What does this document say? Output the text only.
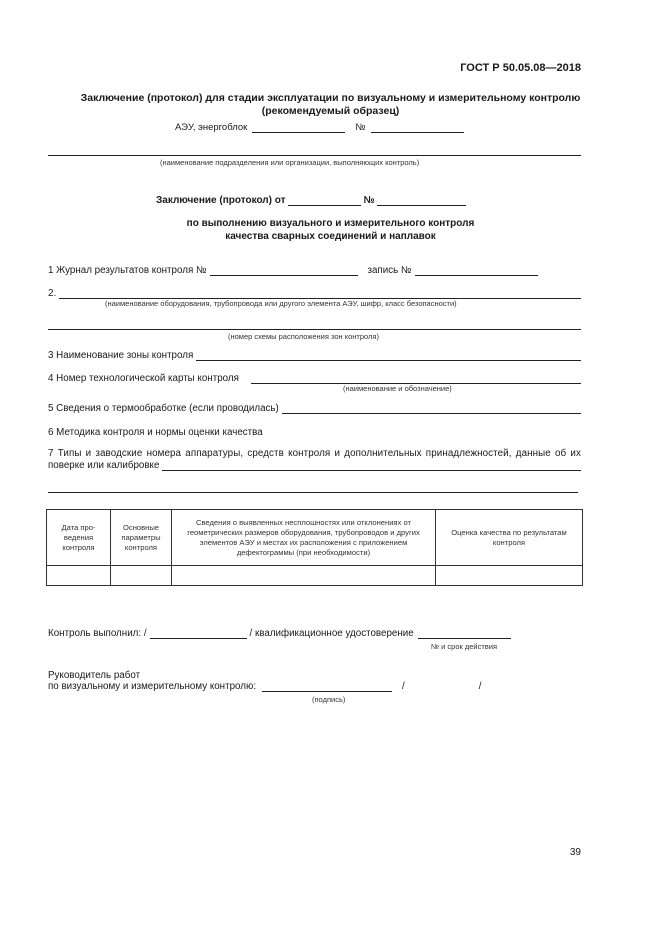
ГОСТ Р 50.05.08—2018
Заключение (протокол) для стадии эксплуатации по визуальному и измерительному контролю
(рекомендуемый образец)
АЭУ, энергоблок	№
(наименование подразделения или организации, выполняющих контроль)
Заключение (протокол) от	№
по выполнению визуального и измерительного контроля
качества сварных соединений и наплавок
1 Журнал результатов контроля №	запись №
2.
(наименование оборудования, трубопровода или другого элемента АЭУ, шифр, класс безопасности)
(номер схемы расположения зон контроля)
3 Наименование зоны контроля
4 Номер технологической карты контроля
(наименование и обозначение)
5 Сведения о термообработке (если проводилась)
6 Методика контроля и нормы оценки качества
7 Типы и заводские номера аппаратуры, средств контроля и дополнительных принадлежностей, данные об их
поверке или калибровке
Дата проведения контроля	Основные параметры контроля	Сведения о выявленных несплошностях или отклонениях от геометрических размеров оборудования, трубопроводов и других элементов АЭУ и местах их расположения с приложением дефектограммы (при необходимости)	Оценка качества по результатам контроля

Контроль выполнил: /	/ квалификационное удостоверение
№ и срок действия
Руководитель работ
по визуальному и измерительному контролю:	/	/
(подпись)
39
